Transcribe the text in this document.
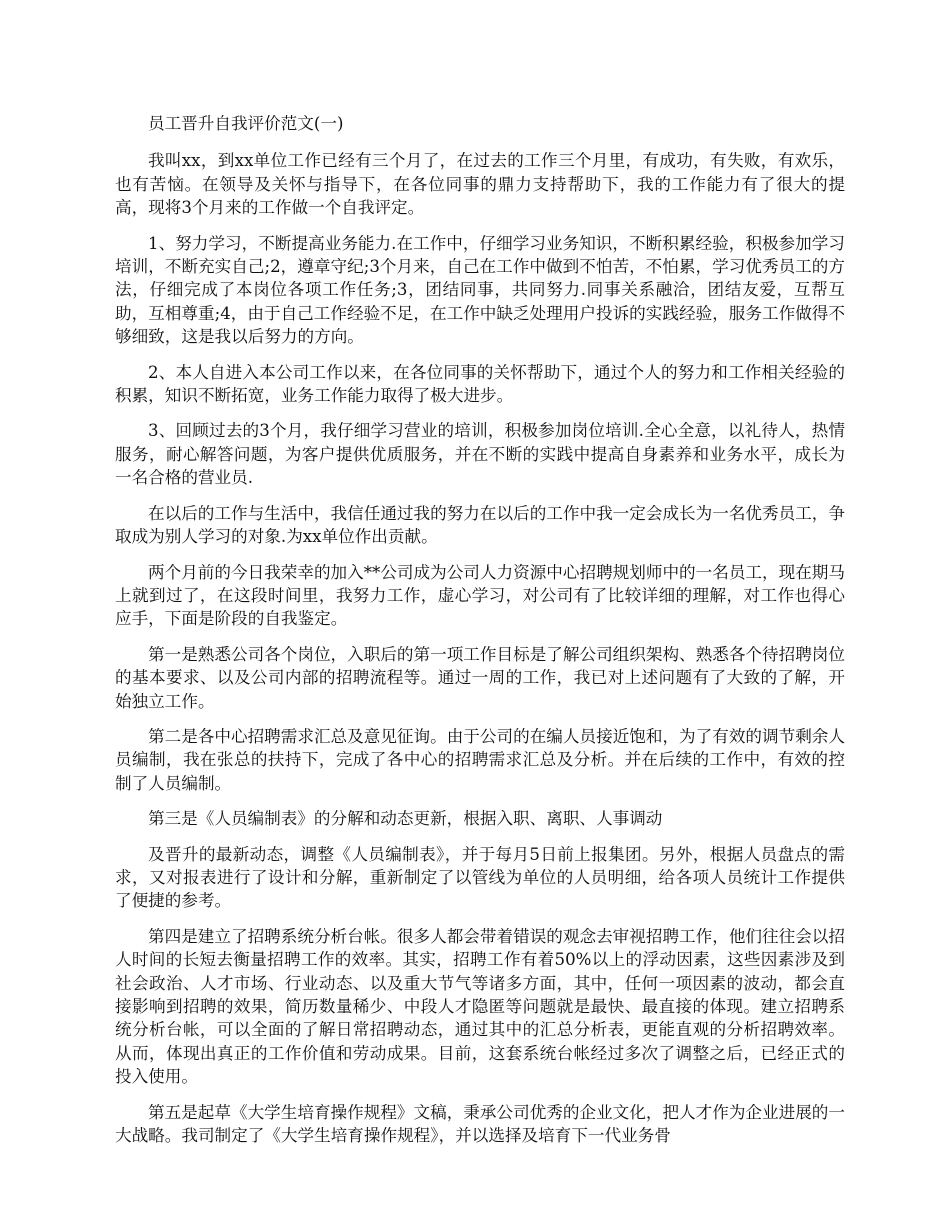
员工晋升自我评价范文(一)

我叫xx，到xx单位工作已经有三个月了，在过去的工作三个月里，有成功，有失败，有欢乐，也有苦恼。在领导及关怀与指导下，在各位同事的鼎力支持帮助下，我的工作能力有了很大的提高，现将3个月来的工作做一个自我评定。

1、努力学习，不断提高业务能力.在工作中，仔细学习业务知识，不断积累经验，积极参加学习培训，不断充实自己;2，遵章守纪;3个月来，自己在工作中做到不怕苦，不怕累，学习优秀员工的方法，仔细完成了本岗位各项工作任务;3，团结同事，共同努力.同事关系融洽，团结友爱，互帮互助，互相尊重;4，由于自己工作经验不足，在工作中缺乏处理用户投诉的实践经验，服务工作做得不够细致，这是我以后努力的方向。

2、本人自进入本公司工作以来，在各位同事的关怀帮助下，通过个人的努力和工作相关经验的积累，知识不断拓宽，业务工作能力取得了极大进步。

3、回顾过去的3个月，我仔细学习营业的培训，积极参加岗位培训.全心全意，以礼待人，热情服务，耐心解答问题，为客户提供优质服务，并在不断的实践中提高自身素养和业务水平，成长为一名合格的营业员.

在以后的工作与生活中，我信任通过我的努力在以后的工作中我一定会成长为一名优秀员工，争取成为别人学习的对象.为xx单位作出贡献。

两个月前的今日我荣幸的加入**公司成为公司人力资源中心招聘规划师中的一名员工，现在期马上就到过了，在这段时间里，我努力工作，虚心学习，对公司有了比较详细的理解，对工作也得心应手，下面是阶段的自我鉴定。

第一是熟悉公司各个岗位，入职后的第一项工作目标是了解公司组织架构、熟悉各个待招聘岗位的基本要求、以及公司内部的招聘流程等。通过一周的工作，我已对上述问题有了大致的了解，开始独立工作。

第二是各中心招聘需求汇总及意见征询。由于公司的在编人员接近饱和，为了有效的调节剩余人员编制，我在张总的扶持下，完成了各中心的招聘需求汇总及分析。并在后续的工作中，有效的控制了人员编制。

第三是《人员编制表》的分解和动态更新，根据入职、离职、人事调动

及晋升的最新动态，调整《人员编制表》，并于每月5日前上报集团。另外，根据人员盘点的需求，又对报表进行了设计和分解，重新制定了以管线为单位的人员明细，给各项人员统计工作提供了便捷的参考。

第四是建立了招聘系统分析台帐。很多人都会带着错误的观念去审视招聘工作，他们往往会以招人时间的长短去衡量招聘工作的效率。其实，招聘工作有着50%以上的浮动因素，这些因素涉及到社会政治、人才市场、行业动态、以及重大节气等诸多方面，其中，任何一项因素的波动，都会直接影响到招聘的效果，简历数量稀少、中段人才隐匿等问题就是最快、最直接的体现。建立招聘系统分析台帐，可以全面的了解日常招聘动态，通过其中的汇总分析表，更能直观的分析招聘效率。从而，体现出真正的工作价值和劳动成果。目前，这套系统台帐经过多次了调整之后，已经正式的投入使用。

第五是起草《大学生培育操作规程》文稿，秉承公司优秀的企业文化，把人才作为企业进展的一大战略。我司制定了《大学生培育操作规程》，并以选择及培育下一代业务骨
